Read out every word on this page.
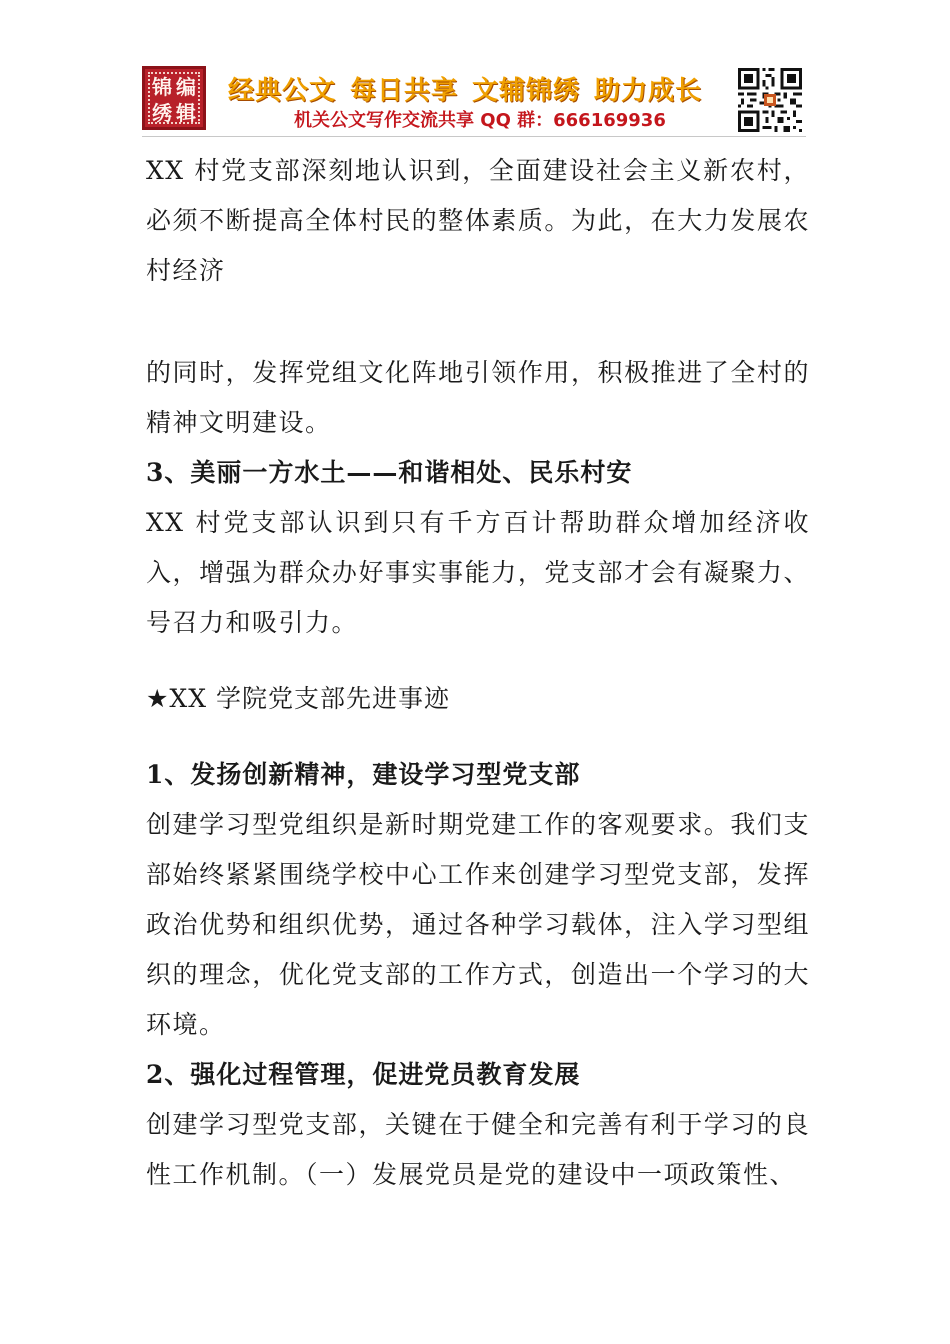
锦 编
绣 辑
经典公文 每日共享 文辅锦绣 助力成长
机关公文写作交流共享 QQ 群：666169936

XX 村党支部深刻地认识到，全面建设社会主义新农村，必须不断提高全体村民的整体素质。为此，在大力发展农村经济

的同时，发挥党组文化阵地引领作用，积极推进了全村的精神文明建设。

3、美丽一方水土——和谐相处、民乐村安

XX 村党支部认识到只有千方百计帮助群众增加经济收入，增强为群众办好事实事能力，党支部才会有凝聚力、号召力和吸引力。

★XX 学院党支部先进事迹

1、发扬创新精神，建设学习型党支部

创建学习型党组织是新时期党建工作的客观要求。我们支部始终紧紧围绕学校中心工作来创建学习型党支部，发挥政治优势和组织优势，通过各种学习载体，注入学习型组织的理念，优化党支部的工作方式，创造出一个学习的大环境。

2、强化过程管理，促进党员教育发展

创建学习型党支部，关键在于健全和完善有利于学习的良性工作机制。（一）发展党员是党的建设中一项政策性、
